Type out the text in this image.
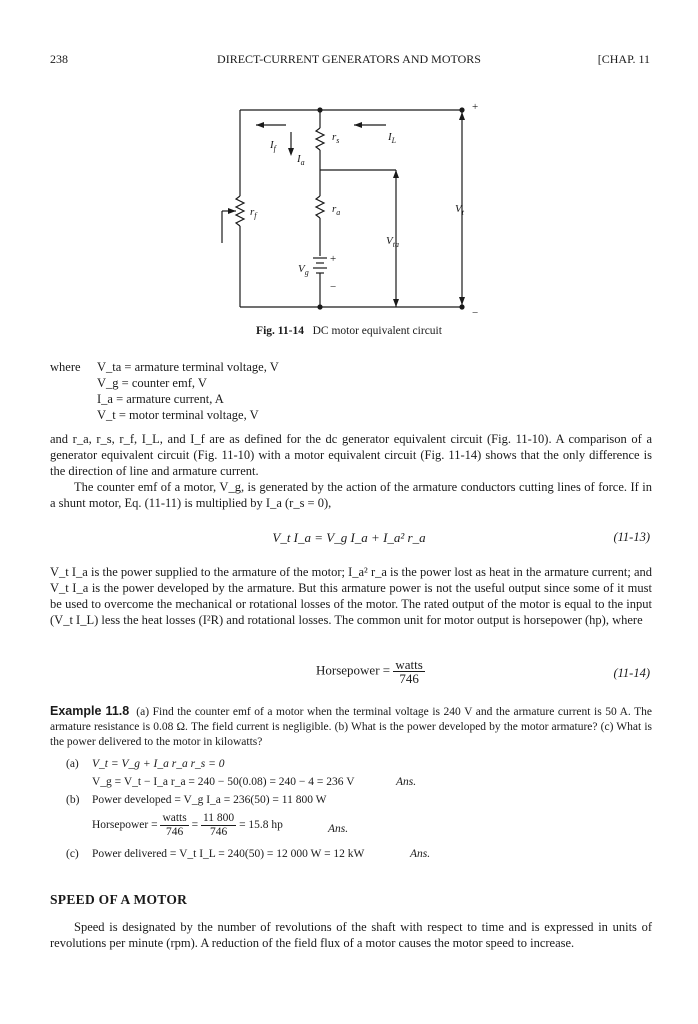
238	DIRECT-CURRENT GENERATORS AND MOTORS	[CHAP. 11
$I_f$
$I_a$
$r_s$	$I_L$
$r_f$
$r_a$	$V_t$
$V_{ta}$
$V_g$
+
+
−
−
Fig. 11-14 DC motor equivalent circuit
where	V_ta = armature terminal voltage, V
V_g = counter emf, V
I_a = armature current, A
V_t = motor terminal voltage, V
and r_a, r_s, r_f, I_L, and I_f are as defined for the dc generator equivalent circuit (Fig. 11-10). A comparison of a generator equivalent circuit (Fig. 11-10) with a motor equivalent circuit (Fig. 11-14) shows that the only difference is the direction of line and armature current.
The counter emf of a motor, V_g, is generated by the action of the armature conductors cutting lines of force. If in a shunt motor, Eq. (11-11) is multiplied by I_a (r_s = 0),
V_t I_a = V_g I_a + I_a² r_a	(11-13)
V_t I_a is the power supplied to the armature of the motor; I_a² r_a is the power lost as heat in the armature current; and V_t I_a is the power developed by the armature. But this armature power is not the useful output since some of it must be used to overcome the mechanical or rotational losses of the motor. The rated output of the motor is equal to the input (V_t I_L) less the heat losses (I²R) and rotational losses. The common unit for motor output is horsepower (hp), where
Horsepower = $\frac{\text{watts}}{746}$	(11-14)
Example 11.8 (a) Find the counter emf of a motor when the terminal voltage is 240 V and the armature current is 50 A. The armature resistance is 0.08 Ω. The field current is negligible. (b) What is the power developed by the motor armature? (c) What is the power delivered to the motor in kilowatts?
(a) V_t = V_g + I_a r_a r_s = 0
V_g = V_t − I_a r_a = 240 − 50(0.08) = 240 − 4 = 236 V	Ans.
(b) Power developed = V_g I_a = 236(50) = 11 800 W
Horsepower = $\frac{\text{watts}}{746} = \frac{11 800}{746} = 15.8$ hp	Ans.
(c) Power delivered = V_t I_L = 240(50) = 12 000 W = 12 kW	Ans.
SPEED OF A MOTOR
Speed is designated by the number of revolutions of the shaft with respect to time and is expressed in units of revolutions per minute (rpm). A reduction of the field flux of a motor causes the motor speed to increase.
